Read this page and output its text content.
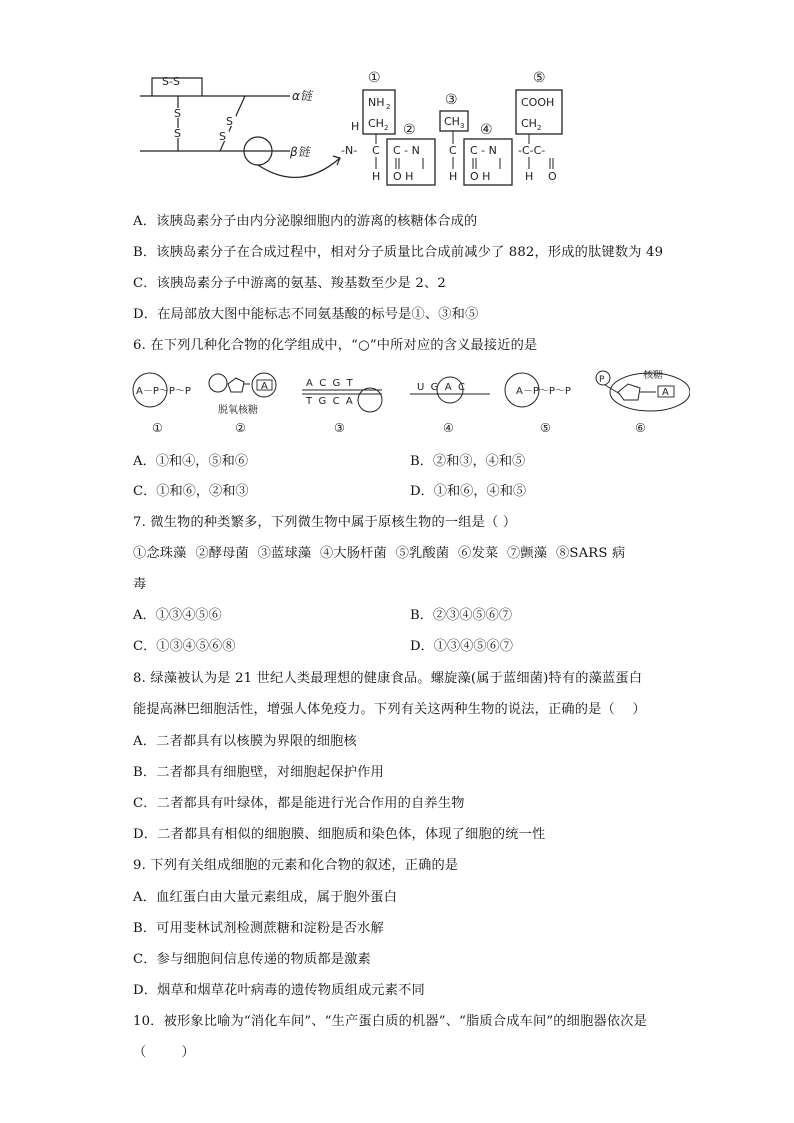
S-S
S
S
S
S
α链
β链
①
NH 2
CH 2
H
-N- C
H
②
C - N
O H
③
CH 3
C
H
④
C - N
O H
⑤
COOH
CH 2
-C-C-
H O
A．该胰岛素分子由内分泌腺细胞内的游离的核糖体合成的
B．该胰岛素分子在合成过程中，相对分子质量比合成前减少了 882，形成的肽键数为 49
C．该胰岛素分子中游离的氨基、羧基数至少是 2、2
D．在局部放大图中能标志不同氨基酸的标号是①、③和⑤
6. 在下列几种化合物的化学组成中，“○”中所对应的含义最接近的是
A－P～P～P
①
A
脱氧核糖
②
A  C  G  T
T  G  C  A
③
U  G  A  C
④
A－P～P～P
⑤
P
A
核糖
⑥
A．①和④，⑤和⑥	B．②和③，④和⑤
C．①和⑥，②和③	D．①和⑥，④和⑤
7. 微生物的种类繁多，下列微生物中属于原核生物的一组是（ ）
①念珠藻  ②酵母菌  ③蓝球藻  ④大肠杆菌  ⑤乳酸菌  ⑥发菜  ⑦颤藻  ⑧SARS 病
毒
A．①③④⑤⑥	B．②③④⑤⑥⑦
C．①③④⑤⑥⑧	D．①③④⑤⑥⑦
8. 绿藻被认为是 21 世纪人类最理想的健康食品。螺旋藻(属于蓝细菌)特有的藻蓝蛋白
能提高淋巴细胞活性，增强人体免疫力。下列有关这两种生物的说法，正确的是（    ）
A．二者都具有以核膜为界限的细胞核
B．二者都具有细胞壁，对细胞起保护作用
C．二者都具有叶绿体，都是能进行光合作用的自养生物
D．二者都具有相似的细胞膜、细胞质和染色体，体现了细胞的统一性
9. 下列有关组成细胞的元素和化合物的叙述，正确的是
A．血红蛋白由大量元素组成，属于胞外蛋白
B．可用斐林试剂检测蔗糖和淀粉是否水解
C．参与细胞间信息传递的物质都是激素
D．烟草和烟草花叶病毒的遗传物质组成元素不同
10．被形象比喻为“消化车间”、“生产蛋白质的机器”、“脂质合成车间”的细胞器依次是
（        ）
